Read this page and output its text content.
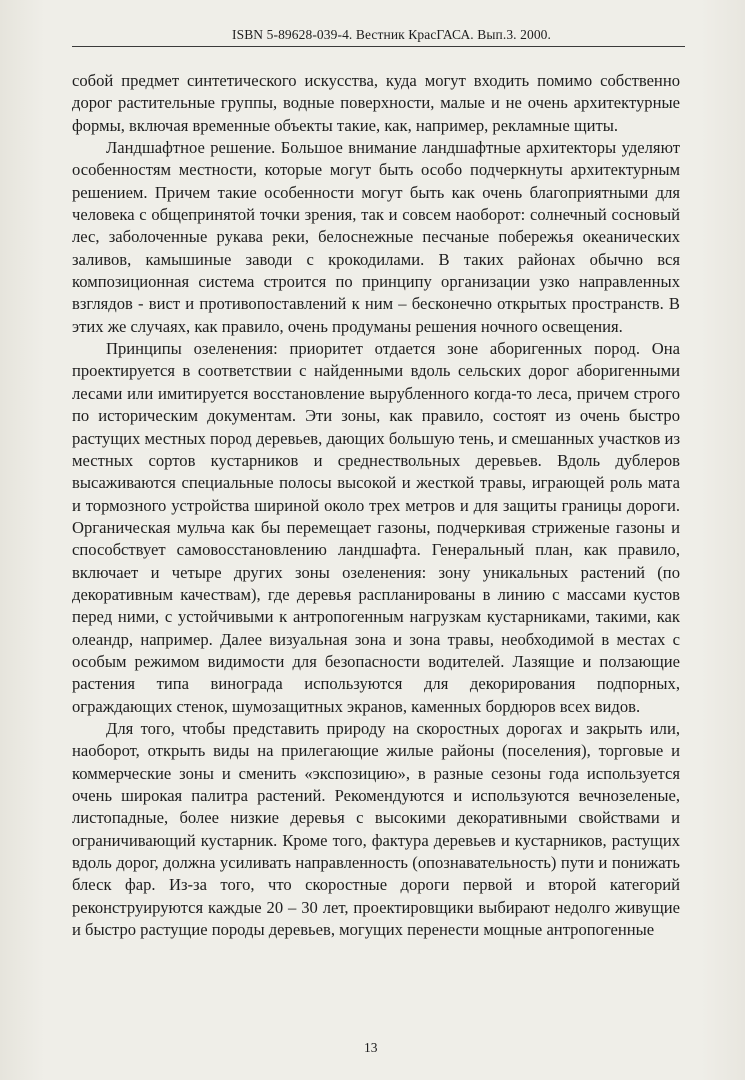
ISBN 5-89628-039-4. Вестник КрасГАСА. Вып.3. 2000.

собой предмет синтетического искусства, куда могут входить помимо собственно дорог растительные группы, водные поверхности, малые и не очень архитектурные формы, включая временные объекты такие, как, например, рекламные щиты.

Ландшафтное решение. Большое внимание ландшафтные архитекторы уделяют особенностям местности, которые могут быть особо подчеркнуты архитектурным решением. Причем такие особенности могут быть как очень благоприятными для человека с общепринятой точки зрения, так и совсем наоборот: солнечный сосновый лес, заболоченные рукава реки, белоснежные песчаные побережья океанических заливов, камышиные заводи с крокодилами. В таких районах обычно вся композиционная система строится по принципу организации узко направленных взглядов - вист и противопоставлений к ним – бесконечно открытых пространств. В этих же случаях, как правило, очень продуманы решения ночного освещения.

Принципы озеленения: приоритет отдается зоне аборигенных пород. Она проектируется в соответствии с найденными вдоль сельских дорог аборигенными лесами или имитируется восстановление вырубленного когда-то леса, причем строго по историческим документам. Эти зоны, как правило, состоят из очень быстро растущих местных пород деревьев, дающих большую тень, и смешанных участков из местных сортов кустарников и среднествольных деревьев. Вдоль дублеров высаживаются специальные полосы высокой и жесткой травы, играющей роль мата и тормозного устройства шириной около трех метров и для защиты границы дороги. Органическая мульча как бы перемещает газоны, подчеркивая стриженые газоны и способствует самовосстановлению ландшафта. Генеральный план, как правило, включает и четыре других зоны озеленения: зону уникальных растений (по декоративным качествам), где деревья распланированы в линию с массами кустов перед ними, с устойчивыми к антропогенным нагрузкам кустарниками, такими, как олеандр, например. Далее визуальная зона и зона травы, необходимой в местах с особым режимом видимости для безопасности водителей. Лазящие и ползающие растения типа винограда используются для декорирования подпорных, ограждающих стенок, шумозащитных экранов, каменных бордюров всех видов.

Для того, чтобы представить природу на скоростных дорогах и закрыть или, наоборот, открыть виды на прилегающие жилые районы (поселения), торговые и коммерческие зоны и сменить «экспозицию», в разные сезоны года используется очень широкая палитра растений. Рекомендуются и используются вечнозеленые, листопадные, более низкие деревья с высокими декоративными свойствами и ограничивающий кустарник. Кроме того, фактура деревьев и кустарников, растущих вдоль дорог, должна усиливать направленность (опознавательность) пути и понижать блеск фар. Из-за того, что скоростные дороги первой и второй категорий реконструируются каждые 20 – 30 лет, проектировщики выбирают недолго живущие и быстро растущие породы деревьев, могущих перенести мощные антропогенные

13
